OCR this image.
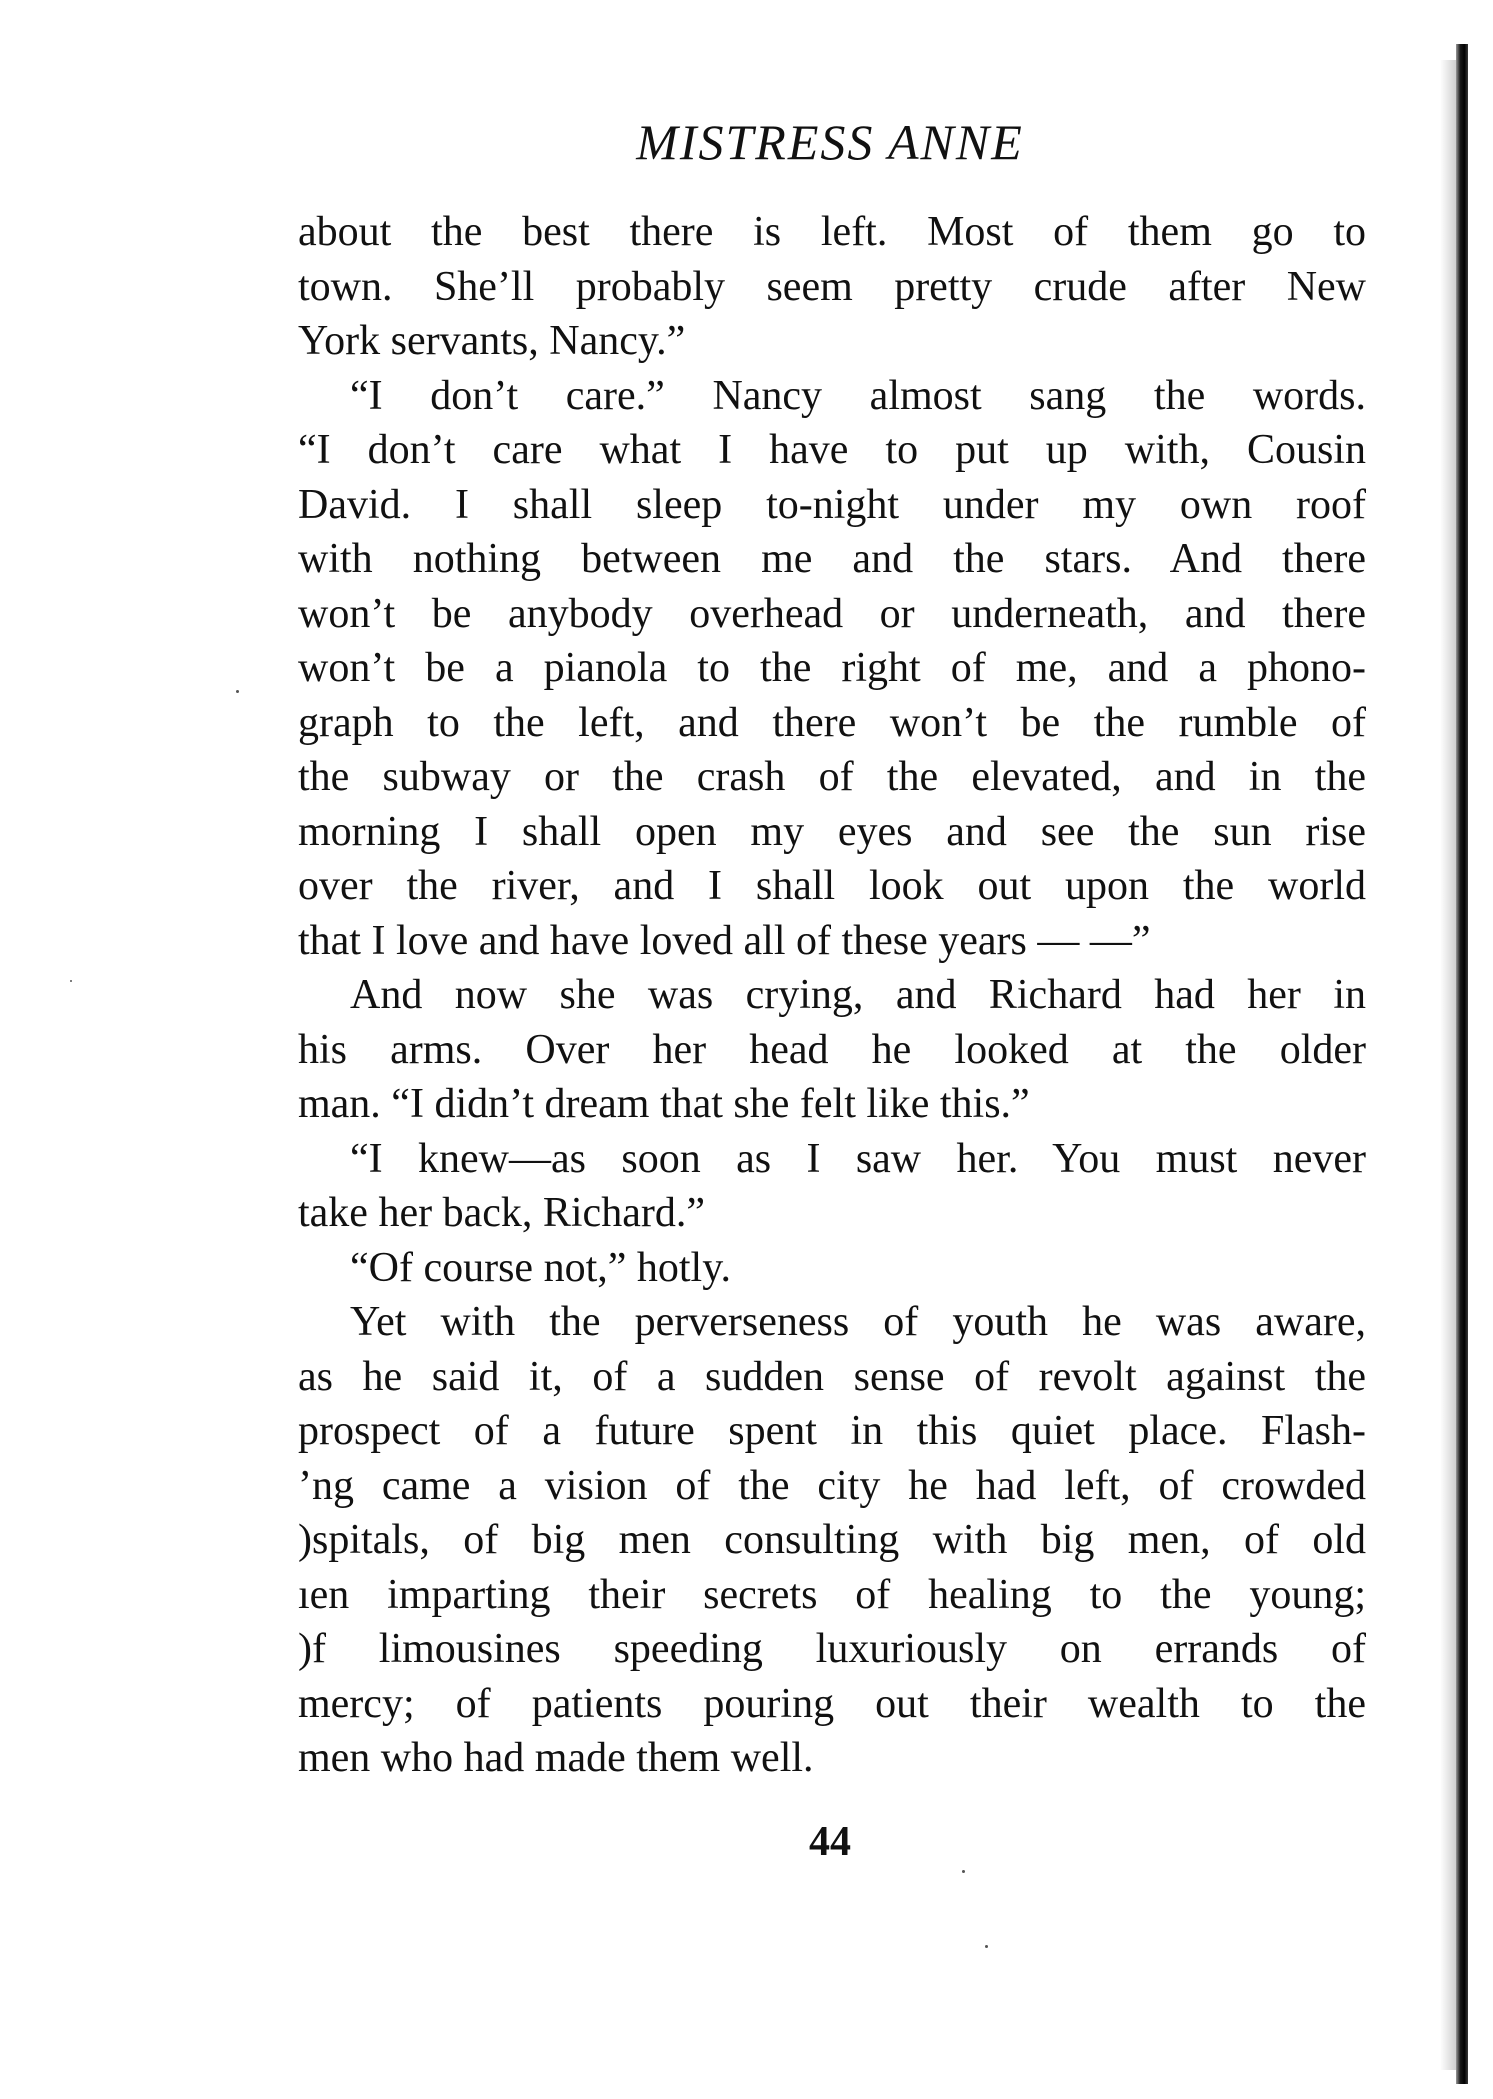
MISTRESS ANNE
about the best there is left. Most of them go to
town. She’ll probably seem pretty crude after New
York servants, Nancy.”
“I don’t care.” Nancy almost sang the words.
“I don’t care what I have to put up with, Cousin
David. I shall sleep to-night under my own roof
with nothing between me and the stars. And there
won’t be anybody overhead or underneath, and there
won’t be a pianola to the right of me, and a phono-
graph to the left, and there won’t be the rumble of
the subway or the crash of the elevated, and in the
morning I shall open my eyes and see the sun rise
over the river, and I shall look out upon the world
that I love and have loved all of these years — —”
And now she was crying, and Richard had her in
his arms. Over her head he looked at the older
man. “I didn’t dream that she felt like this.”
“I knew—as soon as I saw her. You must never
take her back, Richard.”
“Of course not,” hotly.
Yet with the perverseness of youth he was aware,
as he said it, of a sudden sense of revolt against the
prospect of a future spent in this quiet place. Flash-
’ng came a vision of the city he had left, of crowded
)spitals, of big men consulting with big men, of old
ıen imparting their secrets of healing to the young;
)f limousines speeding luxuriously on errands of
mercy; of patients pouring out their wealth to the
men who had made them well.
44
